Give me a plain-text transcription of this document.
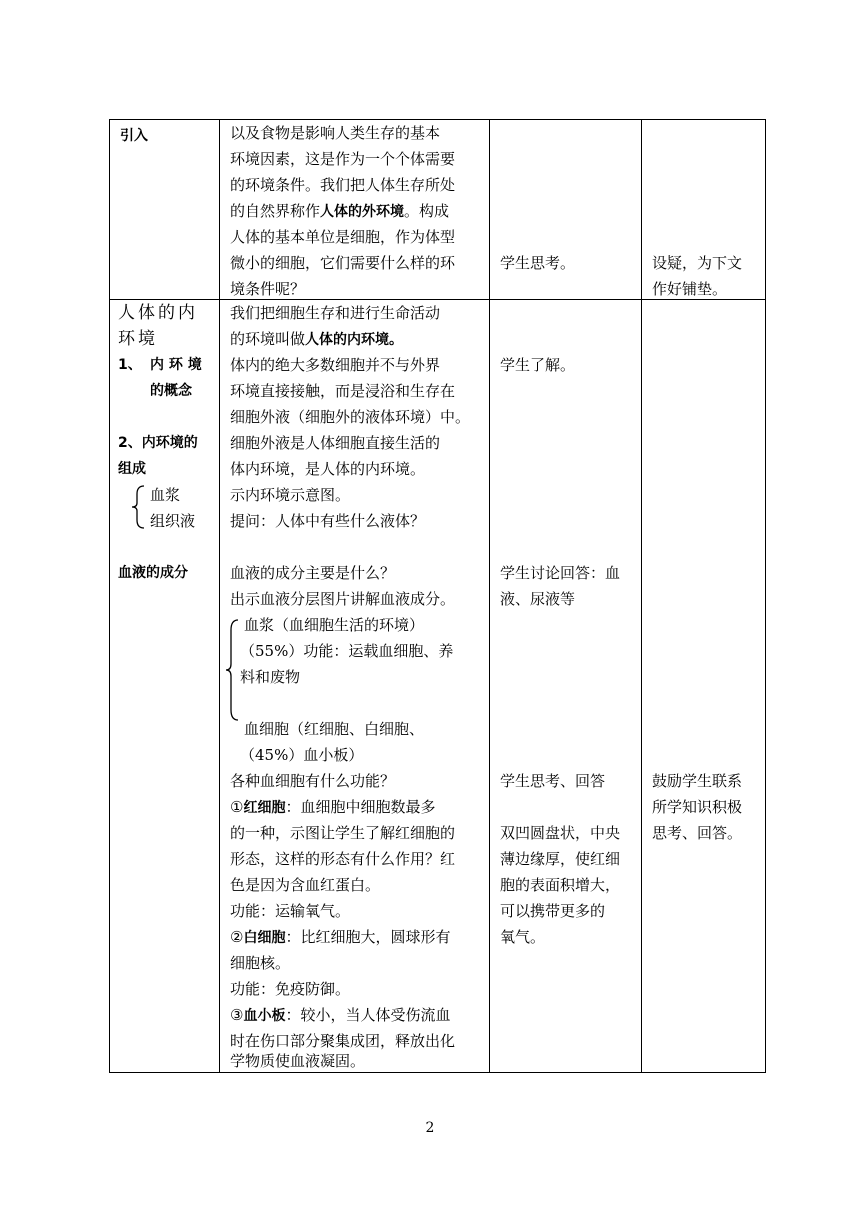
引入	以及食物是影响人类生存的基本
环境因素，这是作为一个个体需要
的环境条件。我们把人体生存所处
的自然界称作人体的外环境。构成
人体的基本单位是细胞，作为体型
微小的细胞，它们需要什么样的环
境条件呢？
学生思考。	设疑，为下文
作好铺垫。
人体的内
环境
1、 内 环 境
的概念
2、内环境的
组成
血浆
组织液
血液的成分
我们把细胞生存和进行生命活动
的环境叫做人体的内环境。
体内的绝大多数细胞并不与外界
环境直接接触，而是浸浴和生存在
细胞外液（细胞外的液体环境）中。
细胞外液是人体细胞直接生活的
体内环境，是人体的内环境。
示内环境示意图。
提问：人体中有些什么液体？
血液的成分主要是什么？
出示血液分层图片讲解血液成分。
血浆（血细胞生活的环境）
（55%）功能：运载血细胞、养
料和废物
血细胞（红细胞、白细胞、
（45%）血小板）
各种血细胞有什么功能？
①红细胞：血细胞中细胞数最多
的一种，示图让学生了解红细胞的
形态，这样的形态有什么作用？红
色是因为含血红蛋白。
功能：运输氧气。
②白细胞：比红细胞大，圆球形有
细胞核。
功能：免疫防御。
③血小板：较小，当人体受伤流血
时在伤口部分聚集成团，释放出化
学物质使血液凝固。
学生了解。
学生讨论回答：血
液、尿液等
学生思考、回答
双凹圆盘状，中央
薄边缘厚，使红细
胞的表面积增大，
可以携带更多的
氧气。
鼓励学生联系
所学知识积极
思考、回答。
2
